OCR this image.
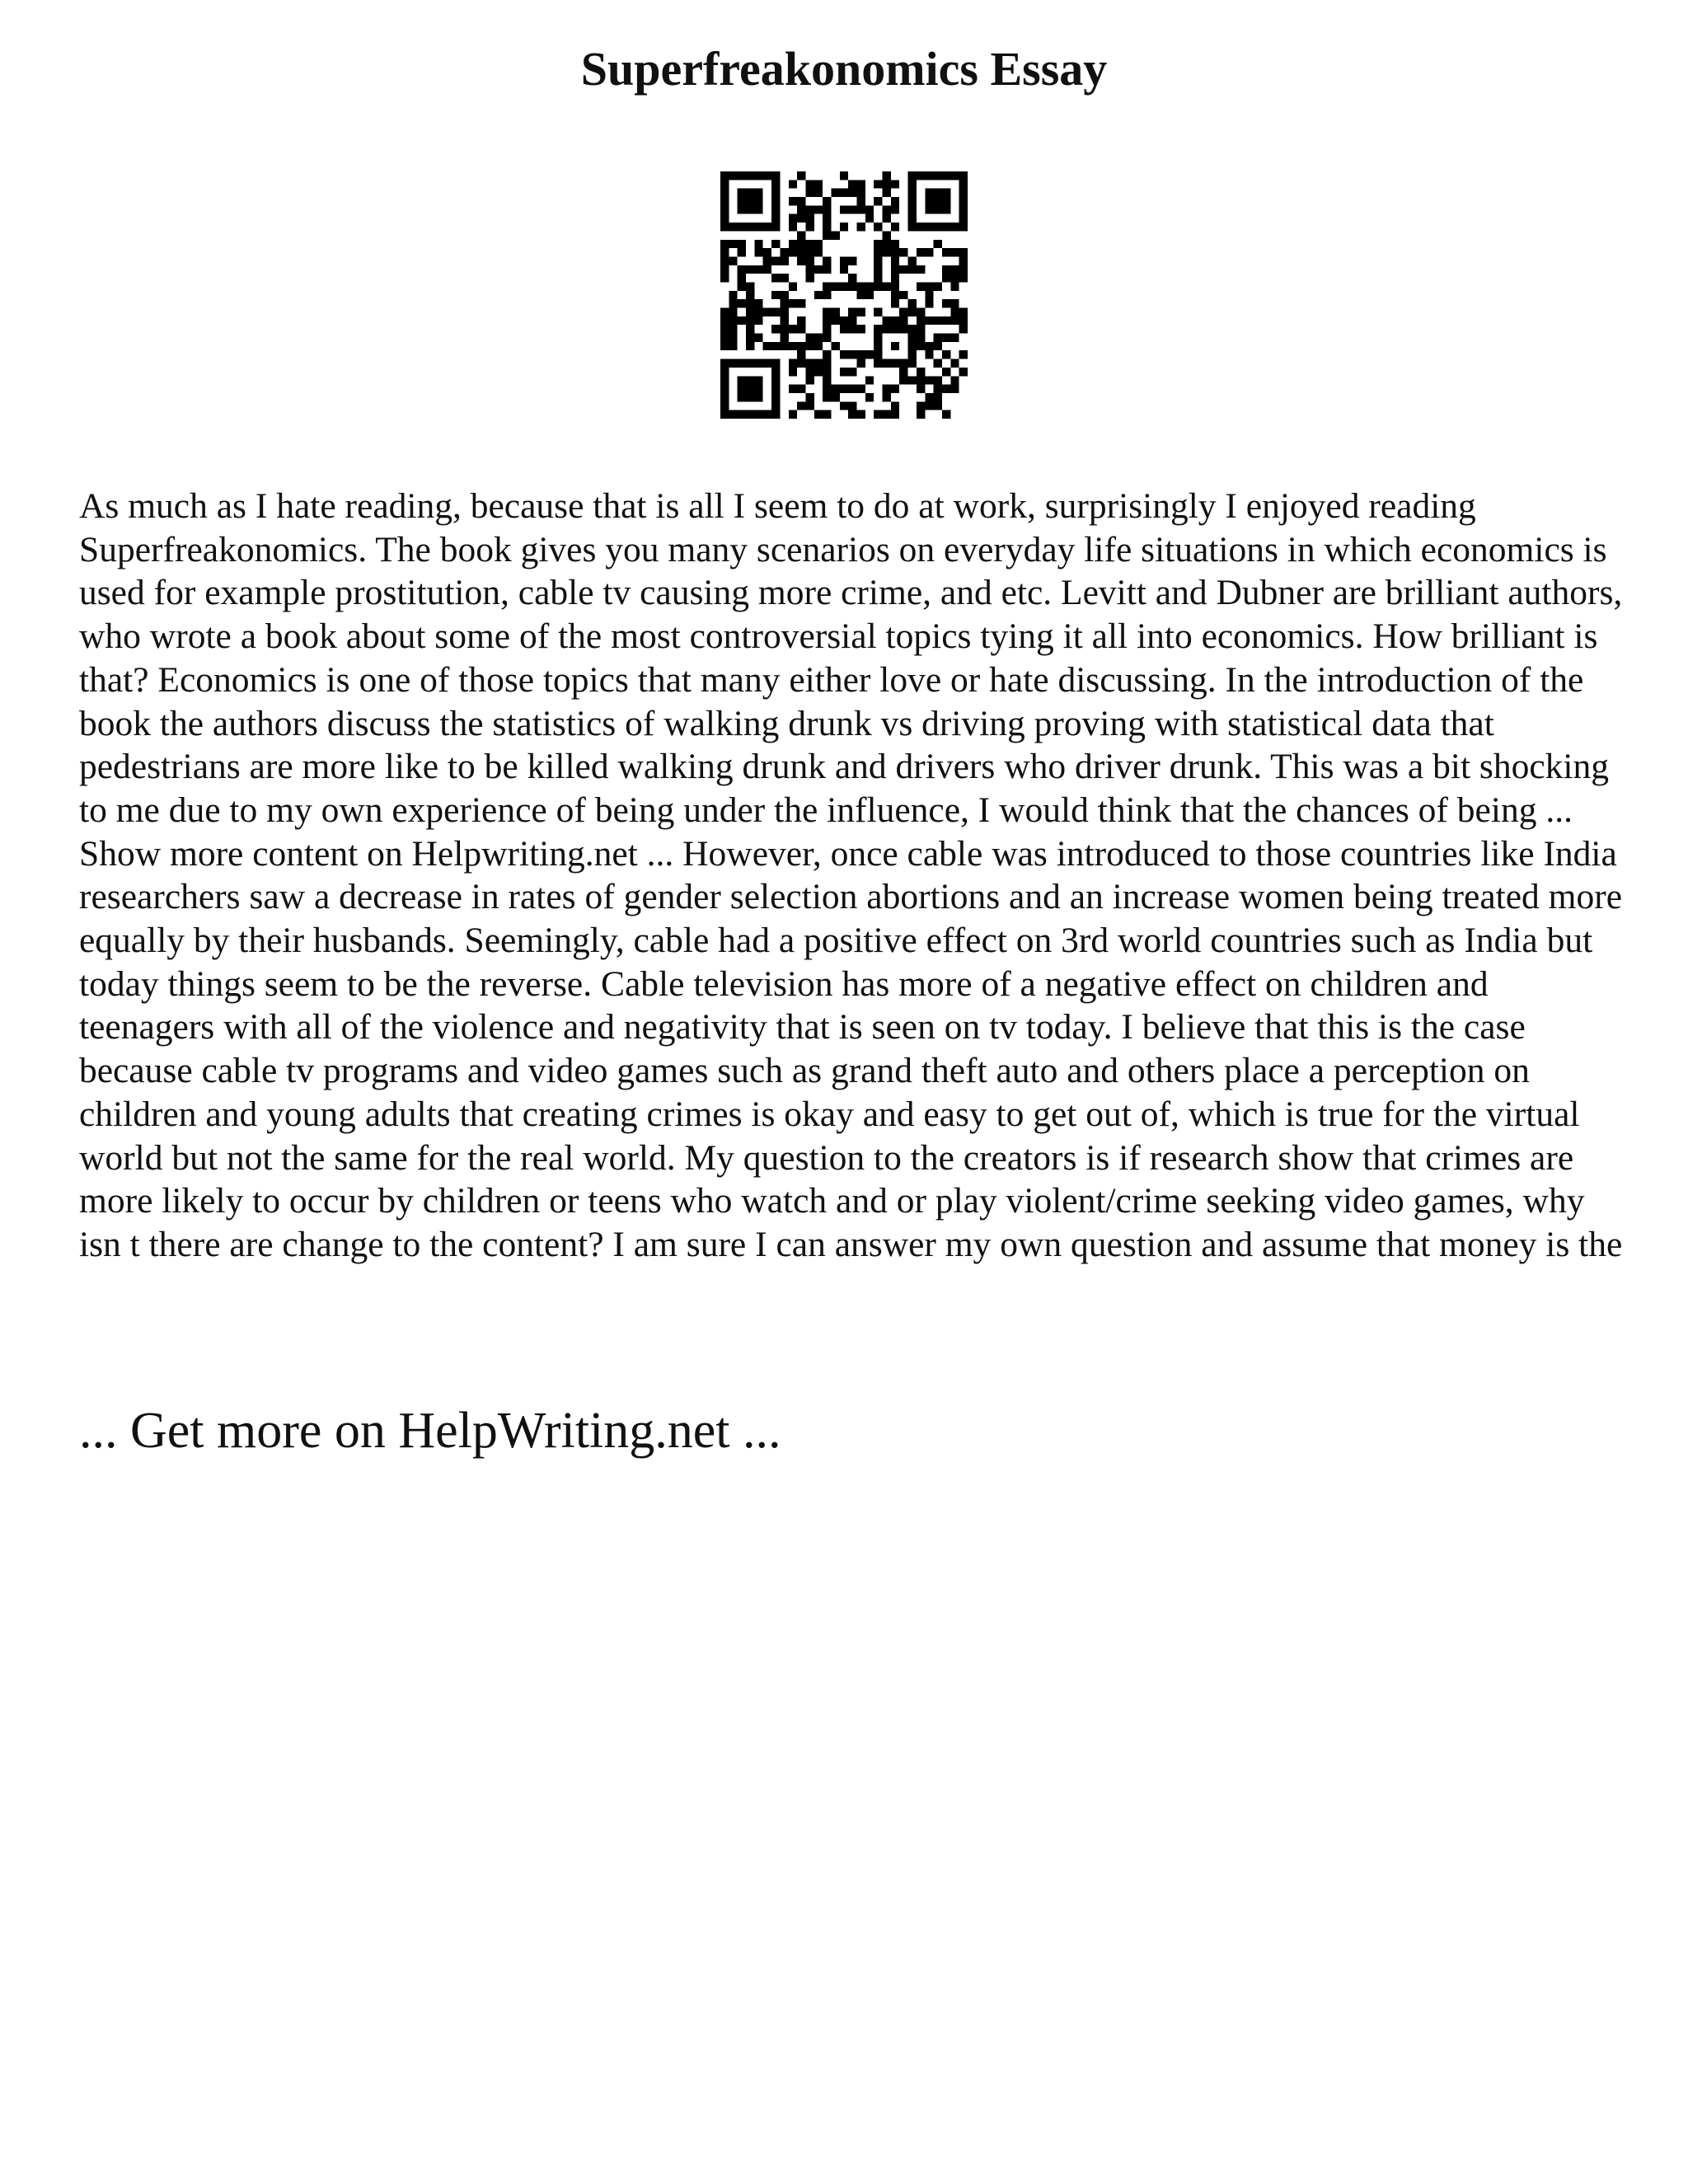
Superfreakonomics Essay

As much as I hate reading, because that is all I seem to do at work, surprisingly I enjoyed reading Superfreakonomics. The book gives you many scenarios on everyday life situations in which economics is used for example prostitution, cable tv causing more crime, and etc. Levitt and Dubner are brilliant authors, who wrote a book about some of the most controversial topics tying it all into economics. How brilliant is that? Economics is one of those topics that many either love or hate discussing. In the introduction of the book the authors discuss the statistics of walking drunk vs driving proving with statistical data that pedestrians are more like to be killed walking drunk and drivers who driver drunk. This was a bit shocking to me due to my own experience of being under the influence, I would think that the chances of being ... Show more content on Helpwriting.net ... However, once cable was introduced to those countries like India researchers saw a decrease in rates of gender selection abortions and an increase women being treated more equally by their husbands. Seemingly, cable had a positive effect on 3rd world countries such as India but today things seem to be the reverse. Cable television has more of a negative effect on children and teenagers with all of the violence and negativity that is seen on tv today. I believe that this is the case because cable tv programs and video games such as grand theft auto and others place a perception on children and young adults that creating crimes is okay and easy to get out of, which is true for the virtual world but not the same for the real world. My question to the creators is if research show that crimes are more likely to occur by children or teens who watch and or play violent/crime seeking video games, why isn t there are change to the content? I am sure I can answer my own question and assume that money is the

... Get more on HelpWriting.net ...
